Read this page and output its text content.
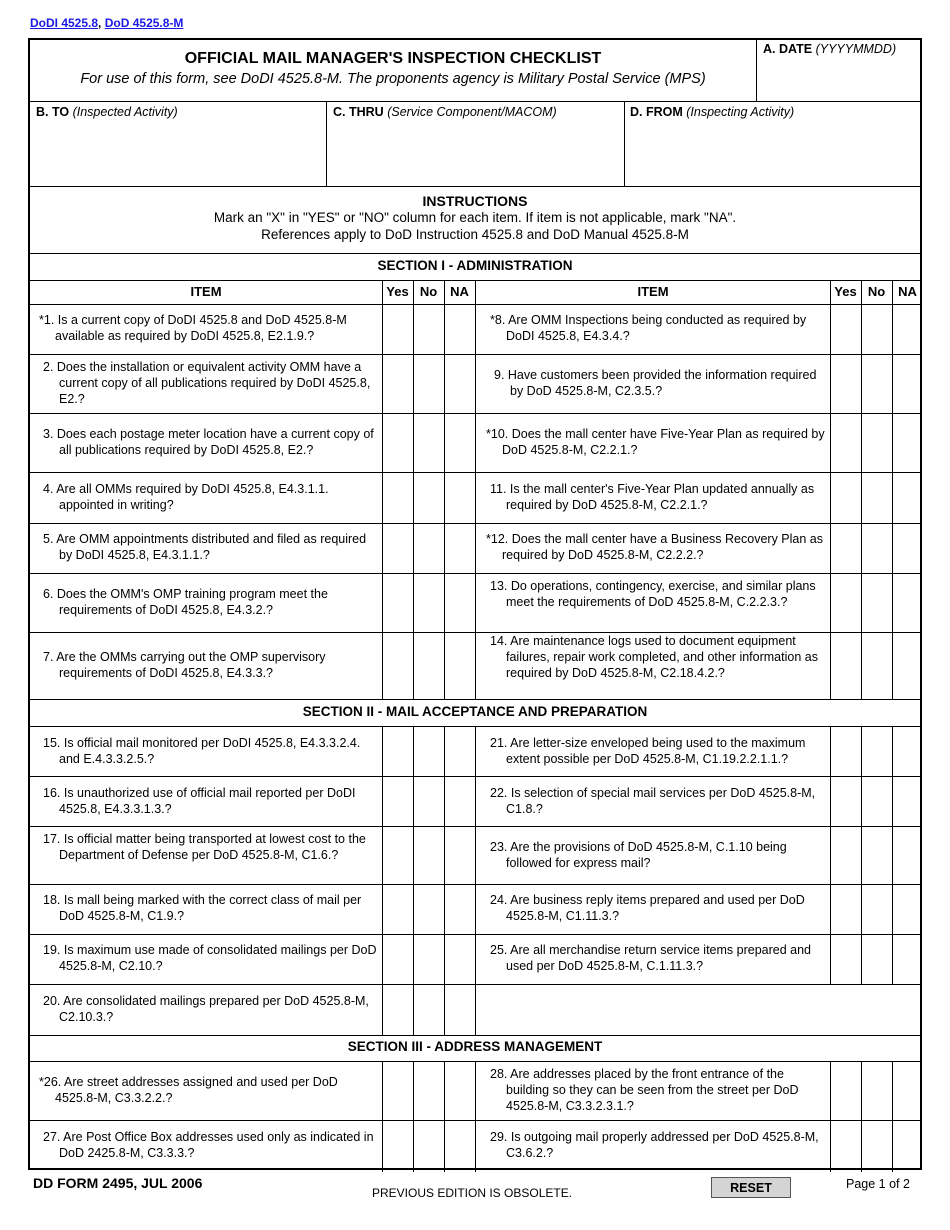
DoDI 4525.8, DoD 4525.8-M
OFFICIAL MAIL MANAGER'S INSPECTION CHECKLIST
For use of this form, see DoDI 4525.8-M. The proponents agency is Military Postal Service (MPS)
A. DATE (YYYYMMDD)
B. TO (Inspected Activity)	C. THRU (Service Component/MACOM)	D. FROM (Inspecting Activity)
INSTRUCTIONS
Mark an "X" in "YES" or "NO" column for each item. If item is not applicable, mark "NA".
References apply to DoD Instruction 4525.8 and DoD Manual 4525.8-M
SECTION I - ADMINISTRATION
ITEM	Yes No NA	ITEM	Yes No NA
*1. Is a current copy of DoDI 4525.8 and DoD 4525.8-M available as required by DoDI 4525.8, E2.1.9.?
2. Does the installation or equivalent activity OMM have a current copy of all publications required by DoDI 4525.8, E2.?
3. Does each postage meter location have a current copy of all publications required by DoDI 4525.8, E2.?
4. Are all OMMs required by DoDI 4525.8, E4.3.1.1. appointed in writing?
5. Are OMM appointments distributed and filed as required by DoDI 4525.8, E4.3.1.1.?
6. Does the OMM's OMP training program meet the requirements of DoDI 4525.8, E4.3.2.?
7. Are the OMMs carrying out the OMP supervisory requirements of DoDI 4525.8, E4.3.3.?
*8. Are OMM Inspections being conducted as required by DoDI 4525.8, E4.3.4.?
9. Have customers been provided the information required by DoD 4525.8-M, C2.3.5.?
*10. Does the mall center have Five-Year Plan as required by DoD 4525.8-M, C2.2.1.?
11. Is the mall center's Five-Year Plan updated annually as required by DoD 4525.8-M, C2.2.1.?
*12. Does the mall center have a Business Recovery Plan as required by DoD 4525.8-M, C2.2.2.?
13. Do operations, contingency, exercise, and similar plans meet the requirements of DoD 4525.8-M, C.2.2.3.?
14. Are maintenance logs used to document equipment failures, repair work completed, and other information as required by DoD 4525.8-M, C2.18.4.2.?
SECTION II - MAIL ACCEPTANCE AND PREPARATION
15. Is official mail monitored per DoDI 4525.8, E4.3.3.2.4. and E.4.3.3.2.5.?
16. Is unauthorized use of official mail reported per DoDI 4525.8, E4.3.3.1.3.?
17. Is official matter being transported at lowest cost to the Department of Defense per DoD 4525.8-M, C1.6.?
18. Is mall being marked with the correct class of mail per DoD 4525.8-M, C1.9.?
19. Is maximum use made of consolidated mailings per DoD 4525.8-M, C2.10.?
20. Are consolidated mailings prepared per DoD 4525.8-M, C2.10.3.?
21. Are letter-size enveloped being used to the maximum extent possible per DoD 4525.8-M, C1.19.2.2.1.1.?
22. Is selection of special mail services per DoD 4525.8-M, C1.8.?
23. Are the provisions of DoD 4525.8-M, C.1.10 being followed for express mail?
24. Are business reply items prepared and used per DoD 4525.8-M, C1.11.3.?
25. Are all merchandise return service items prepared and used per DoD 4525.8-M, C.1.11.3.?
SECTION III - ADDRESS MANAGEMENT
*26. Are street addresses assigned and used per DoD 4525.8-M, C3.3.2.2.?
27. Are Post Office Box addresses used only as indicated in DoD 2425.8-M, C3.3.3.?
28. Are addresses placed by the front entrance of the building so they can be seen from the street per DoD 4525.8-M, C3.3.2.3.1.?
29. Is outgoing mail properly addressed per DoD 4525.8-M, C3.6.2.?
DD FORM 2495, JUL 2006
PREVIOUS EDITION IS OBSOLETE.	RESET	Page 1 of 2
